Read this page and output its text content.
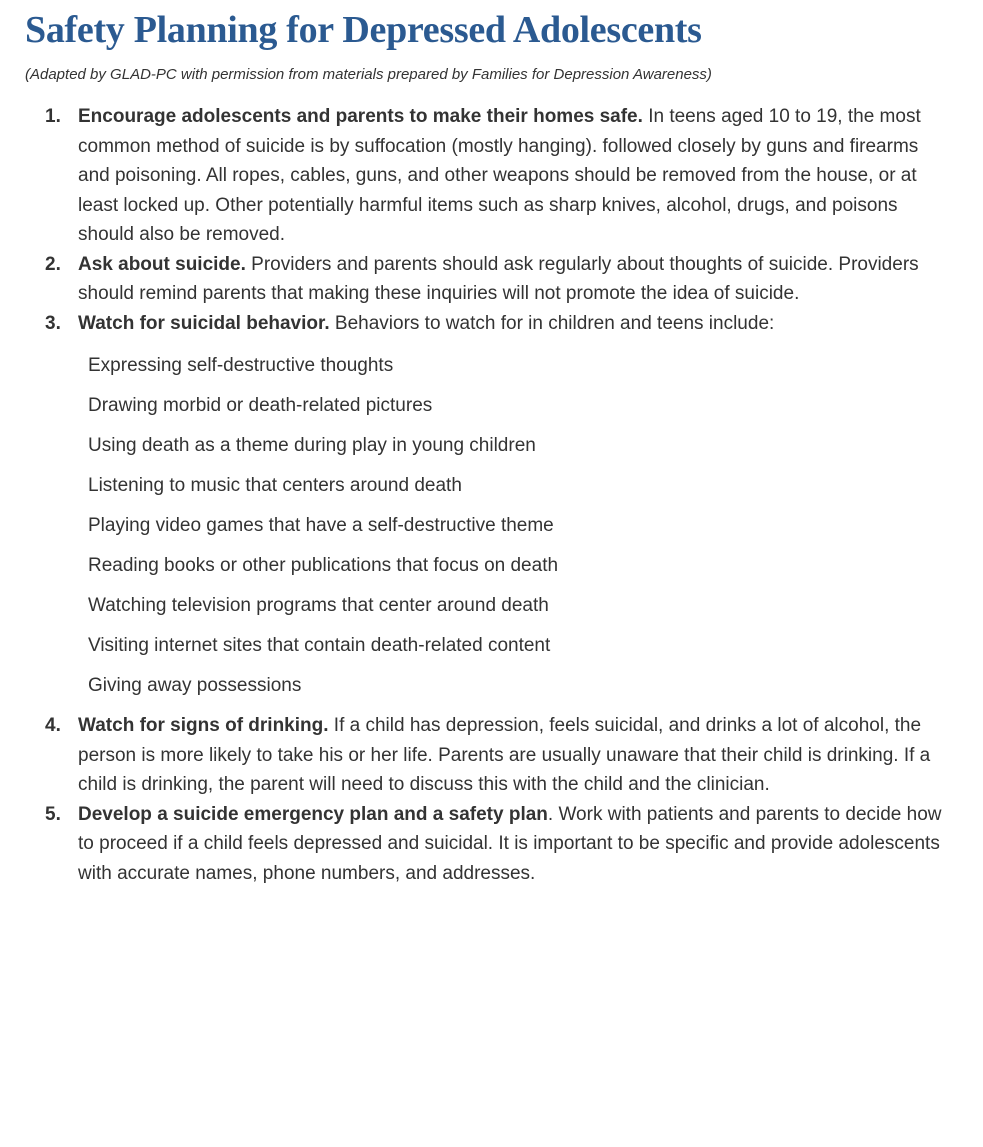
Safety Planning for Depressed Adolescents

(Adapted by GLAD-PC with permission from materials prepared by Families for Depression Awareness)

1. Encourage adolescents and parents to make their homes safe. In teens aged 10 to 19, the most common method of suicide is by suffocation (mostly hanging). followed closely by guns and firearms and poisoning. All ropes, cables, guns, and other weapons should be removed from the house, or at least locked up. Other potentially harmful items such as sharp knives, alcohol, drugs, and poisons should also be removed.
2. Ask about suicide. Providers and parents should ask regularly about thoughts of suicide. Providers should remind parents that making these inquiries will not promote the idea of suicide.
3. Watch for suicidal behavior. Behaviors to watch for in children and teens include:

Expressing self-destructive thoughts

Drawing morbid or death-related pictures

Using death as a theme during play in young children

Listening to music that centers around death

Playing video games that have a self-destructive theme

Reading books or other publications that focus on death

Watching television programs that center around death

Visiting internet sites that contain death-related content

Giving away possessions

4. Watch for signs of drinking. If a child has depression, feels suicidal, and drinks a lot of alcohol, the person is more likely to take his or her life. Parents are usually unaware that their child is drinking. If a child is drinking, the parent will need to discuss this with the child and the clinician.
5. Develop a suicide emergency plan and a safety plan. Work with patients and parents to decide how to proceed if a child feels depressed and suicidal. It is important to be specific and provide adolescents with accurate names, phone numbers, and addresses.
